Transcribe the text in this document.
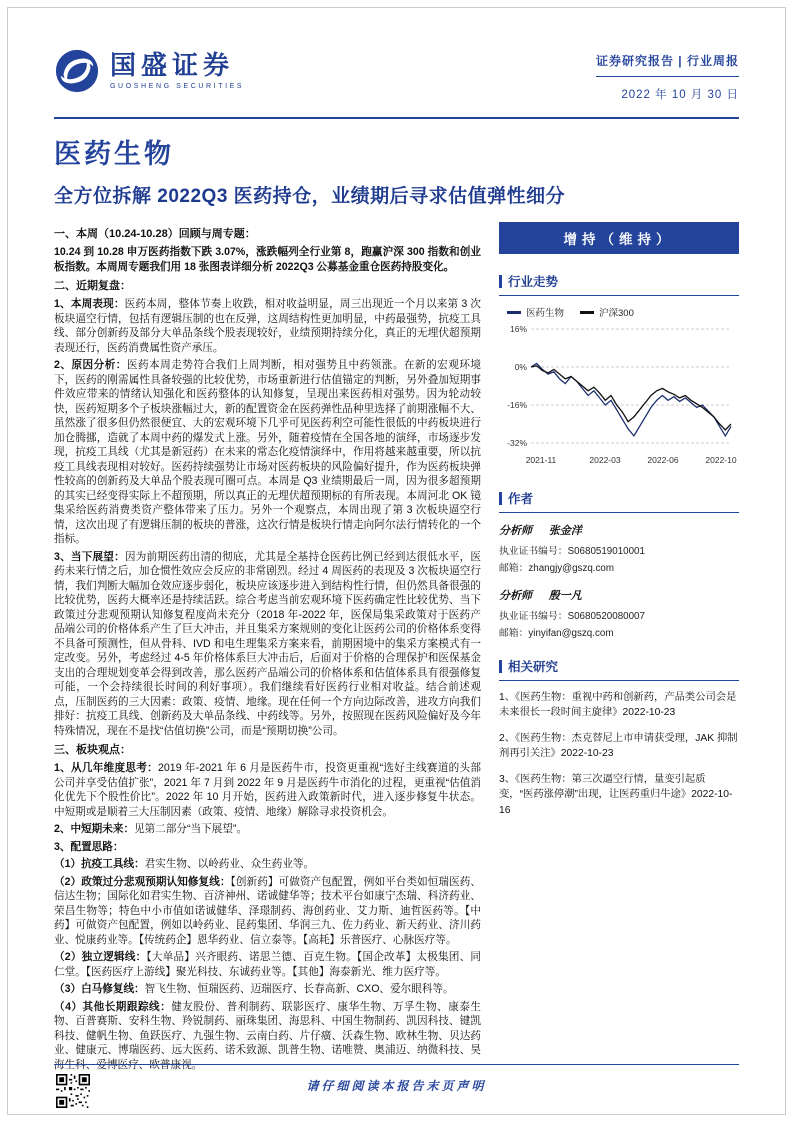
国盛证券
GUOSHENG SECURITIES
证券研究报告 | 行业周报
2022 年 10 月 30 日
医药生物
全方位拆解 2022Q3 医药持仓，业绩期后寻求估值弹性细分

一、本周（10.24-10.28）回顾与周专题：

10.24 到 10.28 申万医药指数下跌 3.07%，涨跌幅列全行业第 8，跑赢沪深 300 指数和创业板指数。本周周专题我们用 18 张图表详细分析 2022Q3 公募基金重仓医药持股变化。

二、近期复盘：

1、本周表现：医药本周，整体节奏上收跌，相对收益明显，周三出现近一个月以来第 3 次板块逼空行情，包括有逻辑压制的也在反弹，这周结构性更加明显，中药最强势，抗疫工具线、部分创新药及部分大单品条线个股表现较好，业绩预期持续分化，真正的无埋伏超预期表现还行，医药消费属性资产承压。

2、原因分析：医药本周走势符合我们上周判断，相对强势且中药领涨。在新的宏观环境下，医药的刚需属性具备较强的比较优势，市场重新进行估值锚定的判断，另外叠加短期事件效应带来的情绪认知强化和医药整体的认知修复，呈现出来医药相对强势。因为轮动较快，医药短期多个子板块涨幅过大，新的配置资金在医药弹性品种里选择了前期涨幅不大、虽然涨了很多但仍然很便宜、大的宏观环境下几乎可见医药利空可能性很低的中药板块进行加仓腾挪，造就了本周中药的爆发式上涨。另外，随着疫情在全国各地的演绎，市场逐步发现，抗疫工具线（尤其是新冠药）在未来的常态化疫情演绎中，作用将越来越重要，所以抗疫工具线表现相对较好。医药持续强势让市场对医药板块的风险偏好提升，作为医药板块弹性较高的创新药及大单品个股表现可圈可点。本周是 Q3 业绩期最后一周，因为很多超预期的其实已经变得实际上不超预期，所以真正的无埋伏超预期标的有所表现。本周河北 OK 镜集采给医药消费类资产整体带来了压力。另外一个观察点，本周出现了第 3 次板块逼空行情，这次出现了有逻辑压制的板块的普涨，这次行情是板块行情走向阿尔法行情转化的一个指标。

3、当下展望：因为前期医药出清的彻底，尤其是全基持仓医药比例已经到达很低水平，医药未来行情之后，加仓惯性效应会反应的非常剧烈。经过 4 周医药的表现及 3 次板块逼空行情，我们判断大幅加仓效应逐步弱化，板块应该逐步进入到结构性行情，但仍然具备很强的比较优势，医药大概率还是持续活跃。综合考虑当前宏观环境下医药确定性比较优势、当下政策过分悲观预期认知修复程度尚未充分（2018 年-2022 年，医保局集采政策对于医药产品端公司的价格体系产生了巨大冲击，并且集采方案规则的变化让医药公司的价格体系变得不具备可预测性，但从骨科、IVD 和电生理集采方案来看，前期困境中的集采方案模式有一定改变。另外，考虑经过 4-5 年价格体系巨大冲击后，后面对于价格的合理保护和医保基金支出的合理规划变革会得到改善，那么医药产品端公司的价格体系和估值体系具有很强修复可能，一个会持续很长时间的利好事项）。我们继续看好医药行业相对收益。结合前述观点，压制医药的三大因素：政策、疫情、地缘。现在任何一个方向边际改善，进攻方向我们排好：抗疫工具线、创新药及大单品条线、中药线等。另外，按照现在医药风险偏好及今年特殊情况，现在不是找“估值切换”公司，而是“预期切换”公司。

三、板块观点：

1、从几年维度思考：2019 年-2021 年 6 月是医药牛市，投资更重视“选好主线赛道的头部公司并享受估值扩张”，2021 年 7 月到 2022 年 9 月是医药牛市消化的过程，更重视“估值消化优先下个股性价比”。2022 年 10 月开始，医药进入政策新时代，进入逐步修复牛状态。中短期或是顺着三大压制因素（政策、疫情、地缘）解除寻求投资机会。

2、中短期未来：见第二部分“当下展望”。

3、配置思路：

（1）抗疫工具线：君实生物、以岭药业、众生药业等。

（2）政策过分悲观预期认知修复线：【创新药】可做资产包配置，例如平台类如恒瑞医药、信达生物；国际化如君实生物、百济神州、诺诚健华等；技术平台如康宁杰瑞、科济药业、荣昌生物等；特色中小市值如诺诚健华、泽璟制药、海创药业、艾力斯、迪哲医药等。【中药】可做资产包配置，例如以岭药业、昆药集团、华润三九、佐力药业、新天药业、济川药业、悦康药业等。【传统药企】恩华药业、信立泰等。【高耗】乐普医疗、心脉医疗等。

（2）独立逻辑线：【大单品】兴齐眼药、诺思兰德、百克生物。【国企改革】太极集团、同仁堂。【医药医疗上游线】聚光科技、东诚药业等。【其他】海泰新光、维力医疗等。

（3）白马修复线：智飞生物、恒瑞医药、迈瑞医疗、长春高新、CXO、爱尔眼科等。

（4）其他长期跟踪线：健友股份、普利制药、联影医疗、康华生物、万孚生物、康泰生物、百普赛斯、安科生物、羚锐制药、丽珠集团、海思科、中国生物制药、凯因科技、键凯科技、健帆生物、鱼跃医疗、九强生物、云南白药、片仔癀、沃森生物、欧林生物、贝达药业、健康元、博瑞医药、远大医药、诺禾致源、凯普生物、诺唯赞、奥浦迈、纳微科技、昊海生科、爱博医疗、欧普康视。

增持（维持）
行业走势
医药生物	沪深300
16%
0%
-16%
-32%
2021-11	2022-03	2022-06	2022-10
作者
分析师 张金洋
执业证书编号：S0680519010001
邮箱：zhangjy@gszq.com
分析师 殷一凡
执业证书编号：S0680520080007
邮箱：yinyifan@gszq.com
相关研究

1、《医药生物：重视中药和创新药，产品类公司会是未来很长一段时间主旋律》2022-10-23

2、《医药生物：杰克替尼上市申请获受理，JAK 抑制剂再引关注》2022-10-23

3、《医药生物：第三次逼空行情，量变引起质变，“医药涨停潮”出现，让医药重归牛途》2022-10-16

请仔细阅读本报告末页声明
